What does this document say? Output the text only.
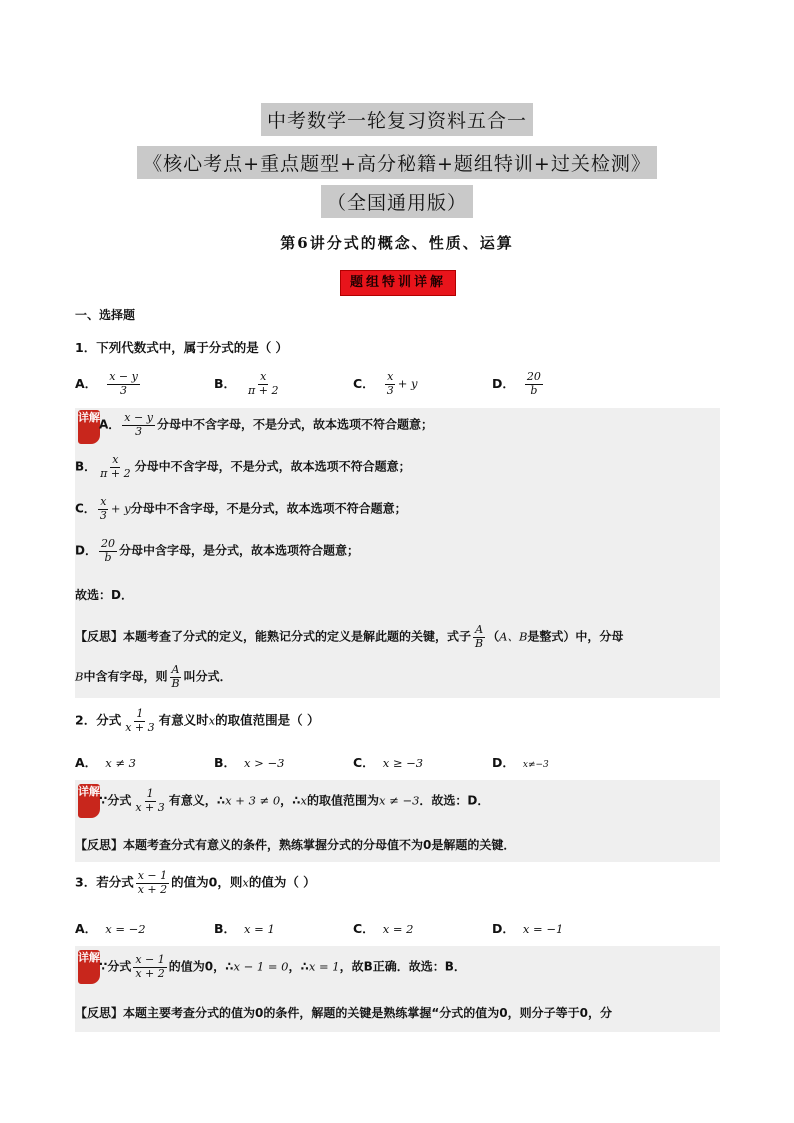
中考数学一轮复习资料五合一
《核心考点+重点题型+高分秘籍+题组特训+过关检测》
（全国通用版）
第6讲分式的概念、性质、运算
题组特训详解
一、选择题
1．下列代数式中，属于分式的是（ ）
A． $\frac{x - y}{3}$	B． $\frac{x}{\pi + 2}$	C． $\frac{x}{3} + y$	D． $\frac{20}{b}$
详解
A． $\frac{x - y}{3}$ 分母中不含字母，不是分式，故本选项不符合题意；
B． $\frac{x}{\pi + 2}$ 分母中不含字母，不是分式，故本选项不符合题意；
C． $\frac{x}{3} + y$分母中不含字母，不是分式，故本选项不符合题意；
D． $\frac{20}{b}$ 分母中含字母，是分式，故本选项符合题意；
故选：D．
【反思】本题考查了分式的定义，能熟记分式的定义是解此题的关键，式子 $\frac{A}{B} (A$、B是整式）中，分母
B中含有字母，则 $\frac{A}{B}$ 叫分式．
2．分式 $\frac{1}{x + 3}$ 有意义时x的取值范围是（ ）
A． x ≠ 3	B． x > −3	C． x ≥ −3	D． x≠−3
详解
∵分式 $\frac{1}{x + 3}$ 有意义，∴x + 3 ≠ 0，∴x的取值范围为x ≠ −3．故选：D．
【反思】本题考查分式有意义的条件，熟练掌握分式的分母值不为0是解题的关键．
3．若分式 $\frac{x - 1}{x + 2}$ 的值为0，则x的值为（ ）
A． x = −2	B． x = 1	C． x = 2	D． x = −1
详解
∵分式 $\frac{x - 1}{x + 2}$ 的值为0，∴x − 1 = 0，∴x = 1，故B正确．故选：B．
【反思】本题主要考查分式的值为0的条件，解题的关键是熟练掌握“分式的值为0，则分子等于0，分
